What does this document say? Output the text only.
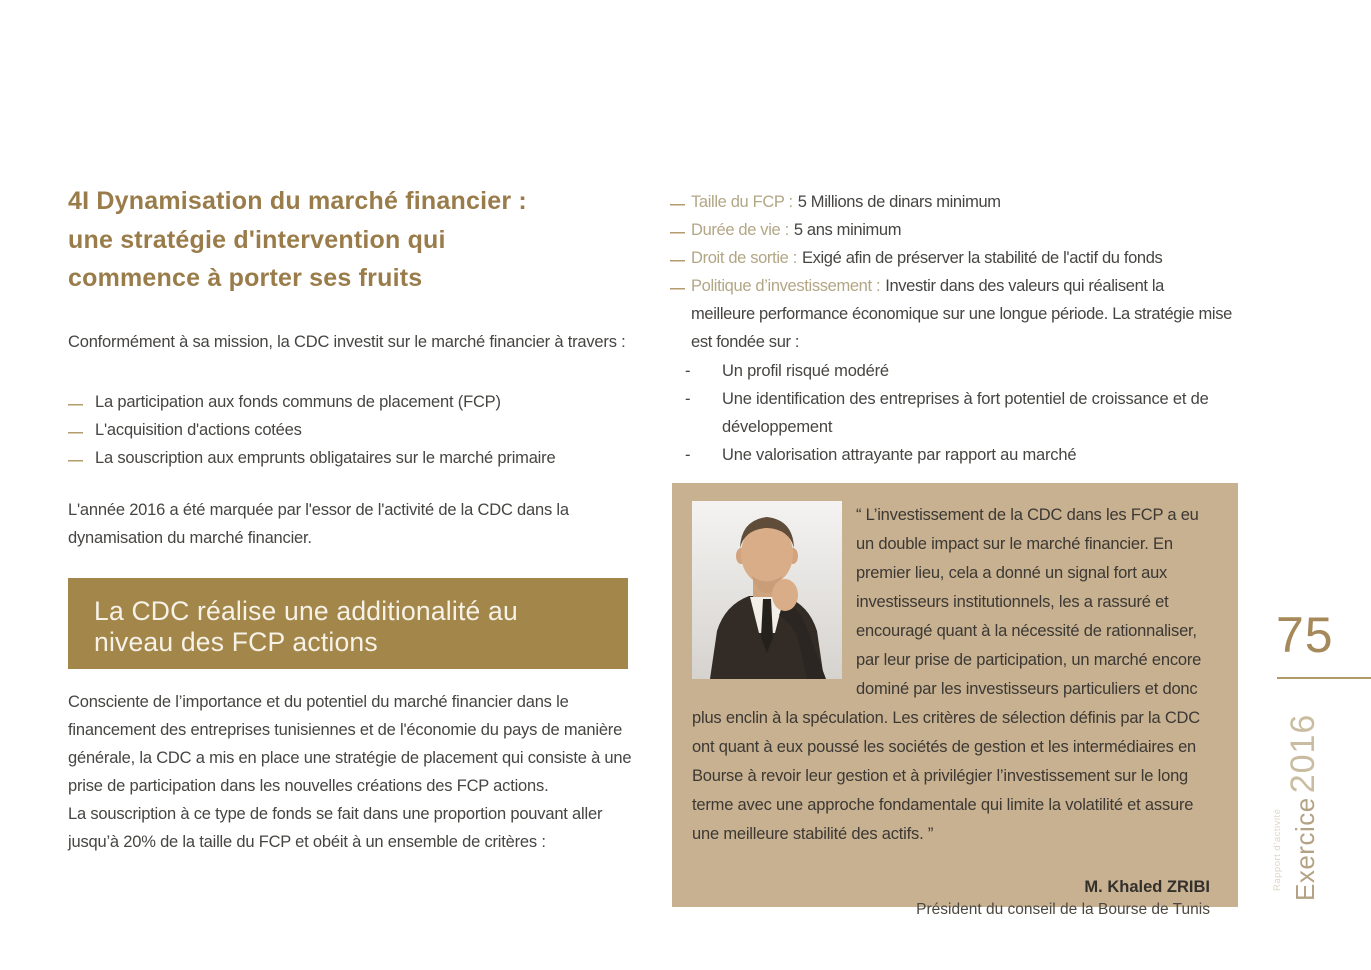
4I Dynamisation du marché financier :
une stratégie d'intervention qui
commence à porter ses fruits

Conformément à sa mission, la CDC investit sur le marché financier à travers :

— La participation aux fonds communs de placement (FCP)
— L'acquisition d'actions cotées
— La souscription aux emprunts obligataires sur le marché primaire

L'année 2016 a été marquée par l'essor de l'activité de la CDC dans la dynamisation du marché financier.

La CDC réalise une additionalité au
niveau des FCP actions
Consciente de l’importance et du potentiel du marché financier dans le financement des entreprises tunisiennes et de l'économie du pays de manière générale, la CDC a mis en place une stratégie de placement qui consiste à une prise de participation dans les nouvelles créations des FCP actions.
La souscription à ce type de fonds se fait dans une proportion pouvant aller jusqu’à 20% de la taille du FCP et obéit à un ensemble de critères :
— Taille du FCP : 5 Millions de dinars minimum
— Durée de vie : 5 ans minimum
— Droit de sortie : Exigé afin de préserver la stabilité de l'actif du fonds
— Politique d’investissement : Investir dans des valeurs qui réalisent la meilleure performance économique sur une longue période. La stratégie mise est fondée sur :
- Un profil risqué modéré
- Une identification des entreprises à fort potentiel de croissance et de développement
- Une valorisation attrayante par rapport au marché

“ L’investissement de la CDC dans les FCP a eu un double impact sur le marché financier. En premier lieu, cela a donné un signal fort aux investisseurs institutionnels, les a rassuré et encouragé quant à la nécessité de rationnaliser, par leur prise de participation, un marché encore dominé par les investisseurs particuliers et donc plus enclin à la spéculation. Les critères de sélection définis par la CDC ont quant à eux poussé les sociétés de gestion et les intermédiaires en Bourse à revoir leur gestion et à privilégier l’investissement sur le long terme avec une approche fondamentale qui limite la volatilité et assure une meilleure stabilité des actifs. ”

M. Khaled ZRIBI
Président du conseil de la Bourse de Tunis
75
Exercice2016
Rapport d’activité
